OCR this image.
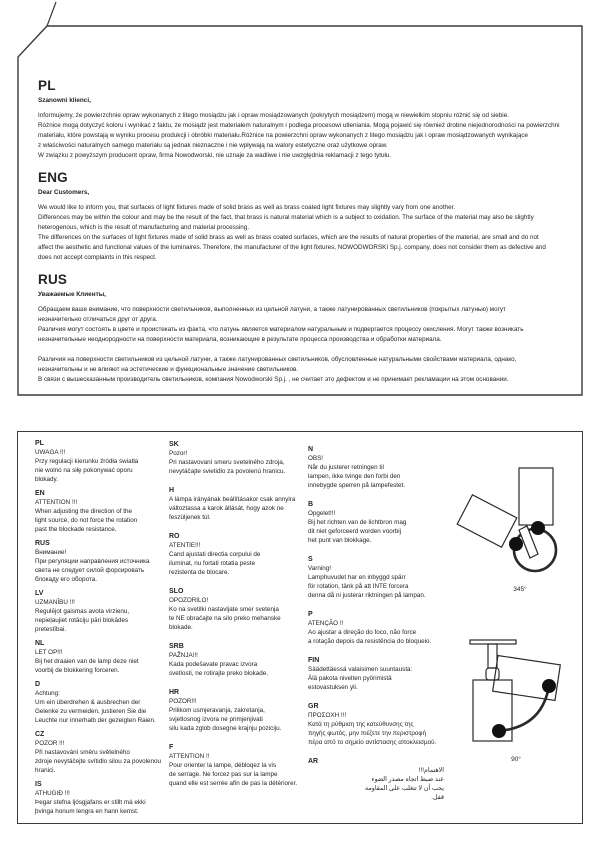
PL
Szanowni klienci,
Informujemy, że powierzchnie opraw wykonanych z litego mosiądzu jak i opraw mosiądzowanych (pokrytych mosiądzem) mogą w niewielkim stopniu różnić się od siebie.
Różnice mogą dotyczyć koloru i wynikać z faktu, że mosiądz jest materiałem naturalnym i podlega procesowi utleniania. Mogą pojawić się również drobne niejednorodności na powierzchni
materiału, które powstają w wyniku procesu produkcji i obróbki materiału.Różnice na powierzchni opraw wykonanych z litego mosiądzu jak i opraw mosiądzowanych wynikające
z właściwości naturalnych samego materiału są jednak nieznaczne i nie wpływają na walory estetyczne oraz użytkowe opraw.
W związku z powyższym producent opraw, firma Nowodworski, nie uznaje za wadliwe i nie uwzględnia reklamacji z tego tytułu.
ENG
Dear Customers,
We would like to inform you, that surfaces of light fixtures made of solid brass as well as brass coated light fixtures may slightly vary from one another.
Differences may be within the colour and may be the result of the fact, that brass is natural material which is a subject to oxidation. The surface of the material may also be slightly
heterogenous, which is the result of manufacturing and material processing.
The differences on the surfaces of light fixtures made of solid brass as well as brass coated surfaces, which are the results of natural properties of the material, are small and do not
affect the aesthetic and functional values of the luminaires. Therefore, the manufacturer of the light fixtures, NOWODWORSKI Sp.j. company, does not consider them as defective and
does not accept complaints in this respect.
RUS
Уважаемые Клиенты,
Обращаем ваше внимание, что поверхности светильников, выполненных из цельной латуни, а также латунированных светильников (покрытых латунью) могут
незначительно отличаться друг от друга.
Различия могут состоять в цвете и проистекать из факта, что латунь является материалом натуральным и подвергается процессу окисления. Могут также возникать
незначительные неоднородности на поверхности материала, возникающие в результате процесса производства и обработки материала.

Различия на поверхности светильников из цельной латуни, а также латунированных светильников, обусловленные натуральными свойствами материала, однако,
незначительны и не влияют на эстетические и функциональные значение светильников.
В связи с вышесказанным производитель светильников, компания Nowodworski Sp.j. , не считает это дефектом и не принимает рекламации на этом основании.
PL
UWAGA !!!
Przy regulacji kierunku źródła światła
nie wolno na siłę pokonywać oporu
blokady.
EN
ATTENTION !!!
When adjusting the direction of the
light source, do not force the rotation
past the blockade resistance.
RUS
Внимание!
При регуляции направления источника
света не следует силой форсировать
блокаду его оборота.
LV
UZMANĪBU !!!
Regulējot gaismas avota virzienu,
nepieļaujiet rotāciju pāri blokādes
pretestībai.
NL
LET OP!!!
Bij het draaien van de lamp deze niet
voorbij de blokkering forceren.
D
Achtung:
Um ein überdrehen & ausbrechen der
Gelenke zu vermeiden, justieren Sie die
Leuchte nur innerhalb der gezeigten Raien.
CZ
POZOR !!!
Při nastavování směru světelného
zdroje nevytáčejte svítidlo silou za povolenou
hranici.
IS
ATHUGIÐ !!!
Þegar stefna ljósgjafans er stillt má ekki
þvinga honum lengra en hann kemst.
SK
Pozor!
Pri nastavovaní smeru svetelného zdroja,
nevytáčajte svietidlo za povolenú hranicu.
H
A lámpa irányának beállításakor csak annyira
változtassa a karok állását, hogy azok ne
feszüljenek túl.
RO
ATENTIE!!!
Cand ajustati directia corpului de
iluminat, nu fortati rotatia peste
rezistenta de blocare.
SLO
OPOZORILO!
Ko na svetilki nastavljate smer svetenja
te NE obračajte na silo preko mehanske
blokade.
SRB
PAŽNJA!!!
Kada podešavate pravac izvora
svetlosti, ne rotirajte preko blokade.
HR
POZOR!!!
Prilikom usmjeravanja, zakretanja,
svjetlosnog izvora ne primjenjivati
silu kada zglob dosegne krajnju poziciju.
F
ATTENTION !!
Pour orienter la lampe, débloqez la vis
de serrage. Ne forcez pas sur la lampe
quand elle est serrée afin de pas la détériorer.
N
OBS!
Når du justerer retningen til
lampen, ikke tvinge den forbi den
innebygde sperren på lampefestet.
B
Opgelet!!!
Bij het richten van de lichtbron mag
dit niet geforceerd worden voorbij
het punt van blokkage.
S
Varning!
Lamphuvudet har en inbyggd spärr
för rotation, tänk på att INTE forcera
denna då ni justerar riktningen på lampan.
P
ATENÇÃO !!
Ao ajustar a direção do foco, não force
a rotação depois da resistência do bloqueio.
FIN
Säädettäessä valaisimen suuntausta:
Älä pakota nivelten pyörimistä
estovastuksen yli.
GR
ΠΡΟΣΟΧΗ !!!
Κατά τη ρύθμιση της κατεύθυνσης της
πηγής φωτός, μην πιέζετε την περιστροφή
πέρα από το σημείο αντίστασης αποκλεισμού.
AR
الاهتمام!!!
عند ضبط اتجاه مصدر الضوء
يجب أن لا تتغلب على المقاومة
قفل.
345°
90°
